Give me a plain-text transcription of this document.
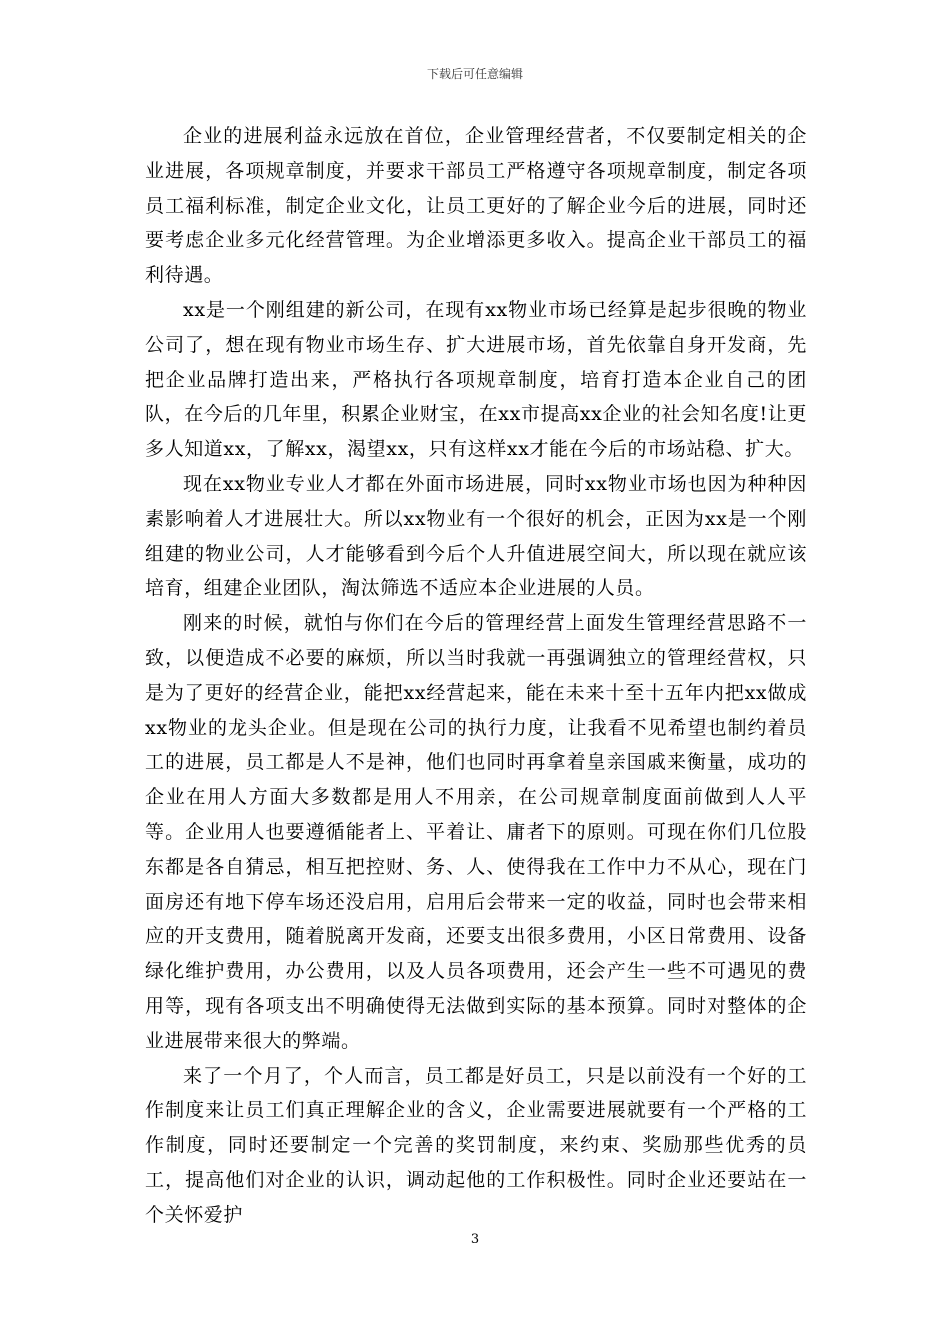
下载后可任意编辑

企业的进展利益永远放在首位，企业管理经营者，不仅要制定相关的企业进展，各项规章制度，并要求干部员工严格遵守各项规章制度，制定各项员工福利标准，制定企业文化，让员工更好的了解企业今后的进展，同时还要考虑企业多元化经营管理。为企业增添更多收入。提高企业干部员工的福利待遇。

xx是一个刚组建的新公司，在现有xx物业市场已经算是起步很晚的物业公司了，想在现有物业市场生存、扩大进展市场，首先依靠自身开发商，先把企业品牌打造出来，严格执行各项规章制度，培育打造本企业自己的团队，在今后的几年里，积累企业财宝，在xx市提高xx企业的社会知名度!让更多人知道xx，了解xx，渴望xx，只有这样xx才能在今后的市场站稳、扩大。

现在xx物业专业人才都在外面市场进展，同时xx物业市场也因为种种因素影响着人才进展壮大。所以xx物业有一个很好的机会，正因为xx是一个刚组建的物业公司，人才能够看到今后个人升值进展空间大，所以现在就应该培育，组建企业团队，淘汰筛选不适应本企业进展的人员。

刚来的时候，就怕与你们在今后的管理经营上面发生管理经营思路不一致，以便造成不必要的麻烦，所以当时我就一再强调独立的管理经营权，只是为了更好的经营企业，能把xx经营起来，能在未来十至十五年内把xx做成xx物业的龙头企业。但是现在公司的执行力度，让我看不见希望也制约着员工的进展，员工都是人不是神，他们也同时再拿着皇亲国戚来衡量，成功的企业在用人方面大多数都是用人不用亲，在公司规章制度面前做到人人平等。企业用人也要遵循能者上、平着让、庸者下的原则。可现在你们几位股东都是各自猜忌，相互把控财、务、人、使得我在工作中力不从心，现在门面房还有地下停车场还没启用，启用后会带来一定的收益，同时也会带来相应的开支费用，随着脱离开发商，还要支出很多费用，小区日常费用、设备绿化维护费用，办公费用，以及人员各项费用，还会产生一些不可遇见的费用等，现有各项支出不明确使得无法做到实际的基本预算。同时对整体的企业进展带来很大的弊端。

来了一个月了，个人而言，员工都是好员工，只是以前没有一个好的工作制度来让员工们真正理解企业的含义，企业需要进展就要有一个严格的工作制度，同时还要制定一个完善的奖罚制度，来约束、奖励那些优秀的员工，提高他们对企业的认识，调动起他的工作积极性。同时企业还要站在一个关怀爱护

3
